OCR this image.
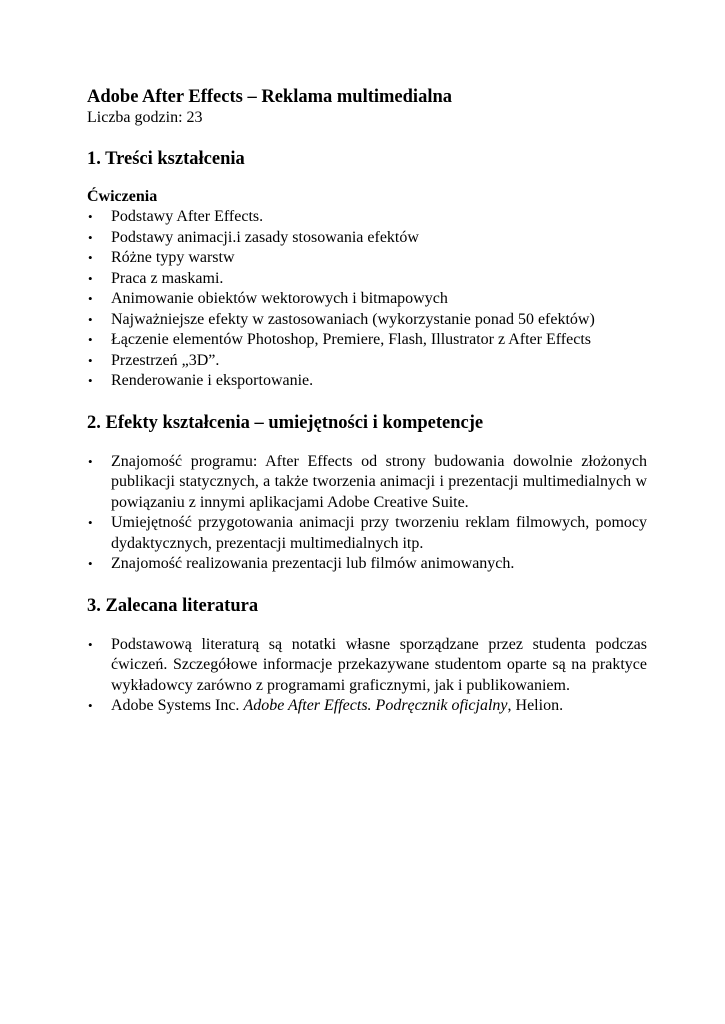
Adobe After Effects – Reklama multimedialna

Liczba godzin: 23

1. Treści kształcenia

Ćwiczenia

• Podstawy After Effects.
• Podstawy animacji.i zasady stosowania efektów
• Różne typy warstw
• Praca z maskami.
• Animowanie obiektów wektorowych i bitmapowych
• Najważniejsze efekty w zastosowaniach (wykorzystanie ponad 50 efektów)
• Łączenie elementów Photoshop, Premiere, Flash, Illustrator z After Effects
• Przestrzeń „3D”.
• Renderowanie i eksportowanie.

2. Efekty kształcenia – umiejętności i kompetencje

• Znajomość programu: After Effects od strony budowania dowolnie złożonych publikacji statycznych, a także tworzenia animacji i prezentacji multimedialnych w powiązaniu z innymi aplikacjami Adobe Creative Suite.
• Umiejętność przygotowania animacji przy tworzeniu reklam filmowych, pomocy dydaktycznych, prezentacji multimedialnych itp.
• Znajomość realizowania prezentacji lub filmów animowanych.

3. Zalecana literatura

• Podstawową literaturą są notatki własne sporządzane przez studenta podczas ćwiczeń. Szczegółowe informacje przekazywane studentom oparte są na praktyce wykładowcy zarówno z programami graficznymi, jak i publikowaniem.
• Adobe Systems Inc. Adobe After Effects. Podręcznik oficjalny, Helion.
